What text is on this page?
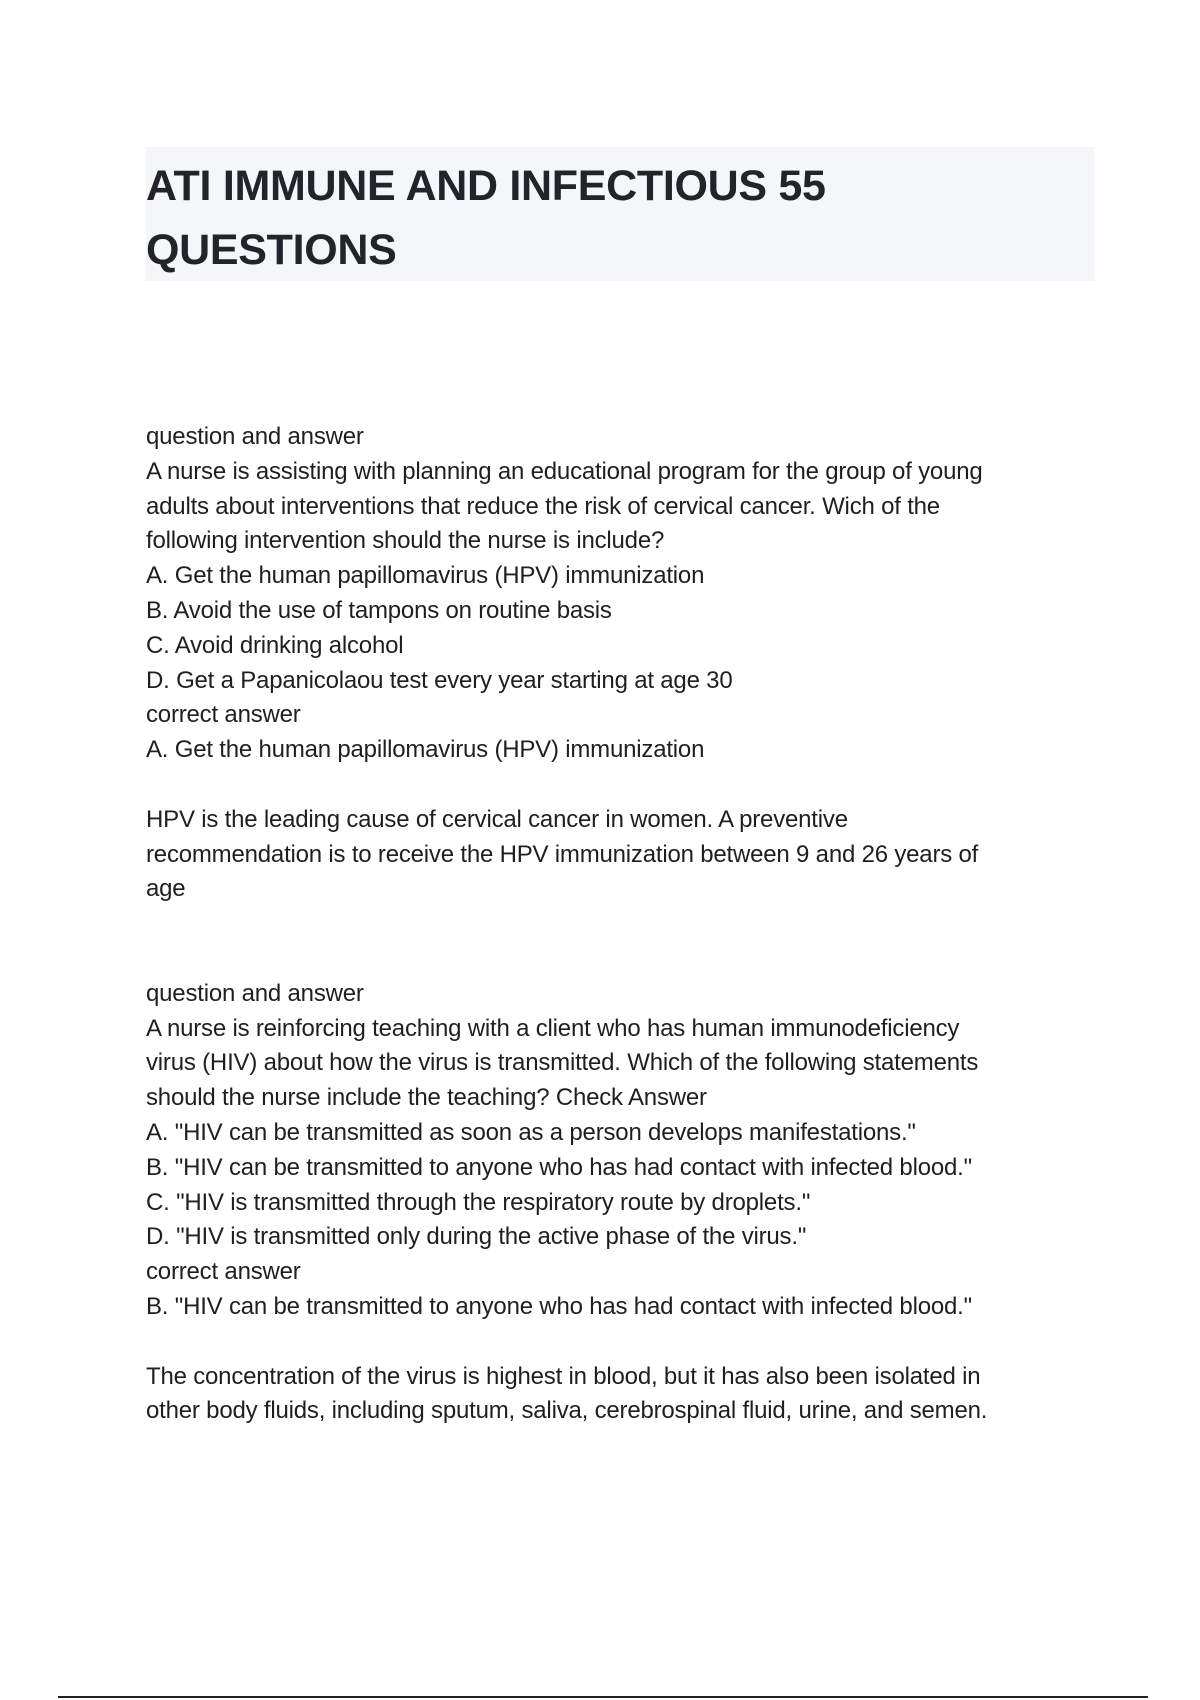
ATI IMMUNE AND INFECTIOUS 55
QUESTIONS
question and answer
A nurse is assisting with planning an educational program for the group of young
adults about interventions that reduce the risk of cervical cancer. Wich of the
following intervention should the nurse is include?
A. Get the human papillomavirus (HPV) immunization
B. Avoid the use of tampons on routine basis
C. Avoid drinking alcohol
D. Get a Papanicolaou test every year starting at age 30
correct answer
A. Get the human papillomavirus (HPV) immunization
HPV is the leading cause of cervical cancer in women. A preventive
recommendation is to receive the HPV immunization between 9 and 26 years of
age
question and answer
A nurse is reinforcing teaching with a client who has human immunodeficiency
virus (HIV) about how the virus is transmitted. Which of the following statements
should the nurse include the teaching? Check Answer
A. "HIV can be transmitted as soon as a person develops manifestations."
B. "HIV can be transmitted to anyone who has had contact with infected blood."
C. "HIV is transmitted through the respiratory route by droplets."
D. "HIV is transmitted only during the active phase of the virus."
correct answer
B. "HIV can be transmitted to anyone who has had contact with infected blood."
The concentration of the virus is highest in blood, but it has also been isolated in
other body fluids, including sputum, saliva, cerebrospinal fluid, urine, and semen.
